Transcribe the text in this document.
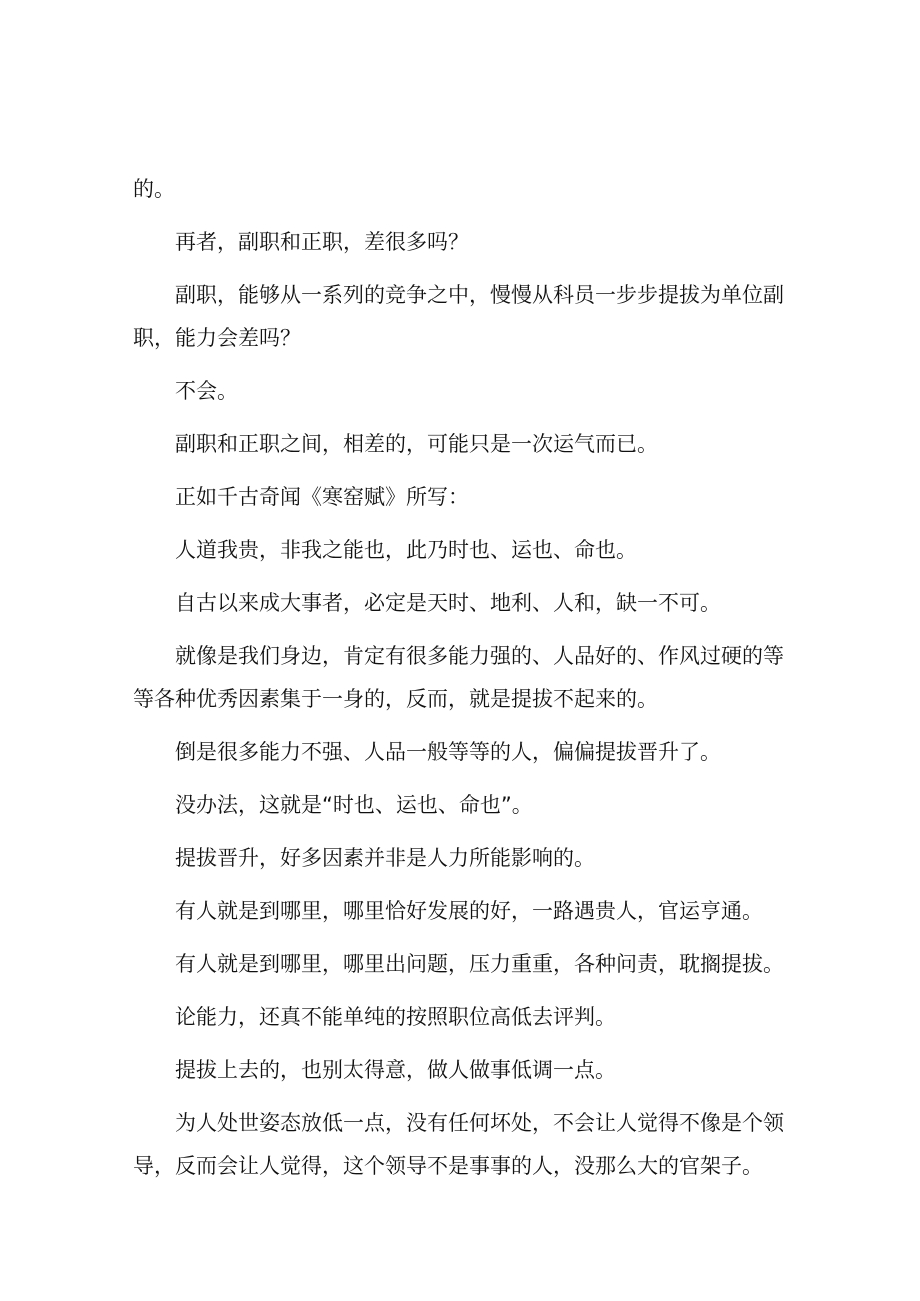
的。

再者，副职和正职，差很多吗？

副职，能够从一系列的竞争之中，慢慢从科员一步步提拔为单位副职，能力会差吗？

不会。

副职和正职之间，相差的，可能只是一次运气而已。

正如千古奇闻《寒窑赋》所写：

人道我贵，非我之能也，此乃时也、运也、命也。

自古以来成大事者，必定是天时、地利、人和，缺一不可。

就像是我们身边，肯定有很多能力强的、人品好的、作风过硬的等等各种优秀因素集于一身的，反而，就是提拔不起来的。

倒是很多能力不强、人品一般等等的人，偏偏提拔晋升了。

没办法，这就是“时也、运也、命也”。

提拔晋升，好多因素并非是人力所能影响的。

有人就是到哪里，哪里恰好发展的好，一路遇贵人，官运亨通。

有人就是到哪里，哪里出问题，压力重重，各种问责，耽搁提拔。

论能力，还真不能单纯的按照职位高低去评判。

提拔上去的，也别太得意，做人做事低调一点。

为人处世姿态放低一点，没有任何坏处，不会让人觉得不像是个领导，反而会让人觉得，这个领导不是事事的人，没那么大的官架子。
